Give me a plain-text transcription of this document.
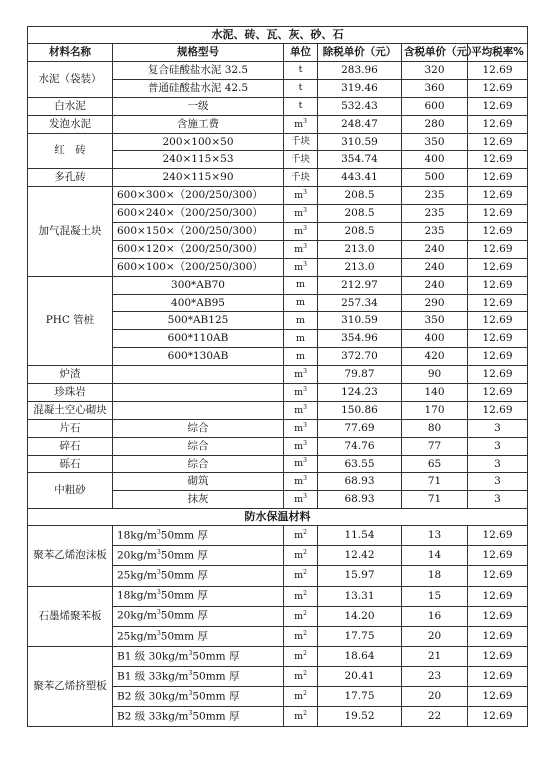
水泥、砖、瓦、灰、砂、石					
材料名称	规格型号	单位	除税单价（元）	含税单价（元）	平均税率%
水泥（袋装）	复合硅酸盐水泥 32.5	t	283.96	320	12.69
	普通硅酸盐水泥 42.5	t	319.46	360	12.69
白水泥	一级	t	532.43	600	12.69
发泡水泥	含施工费	$m^3$	248.47	280	12.69
红　砖	200×100×50	千块	310.59	350	12.69
	240×115×53	千块	354.74	400	12.69
多孔砖	240×115×90	千块	443.41	500	12.69
加气混凝土块	600×300×（200/250/300）	$m^3$	208.5	235	12.69
	600×240×（200/250/300）	$m^3$	208.5	235	12.69
	600×150×（200/250/300）	$m^3$	208.5	235	12.69
	600×120×（200/250/300）	$m^3$	213.0	240	12.69
	600×100×（200/250/300）	$m^3$	213.0	240	12.69
PHC 管桩	300*AB70	m	212.97	240	12.69
	400*AB95	m	257.34	290	12.69
	500*AB125	m	310.59	350	12.69
	600*110AB	m	354.96	400	12.69
	600*130AB	m	372.70	420	12.69
炉渣		$m^3$	79.87	90	12.69
珍珠岩		$m^3$	124.23	140	12.69
混凝土空心砌块		$m^3$	150.86	170	12.69
片石	综合	$m^3$	77.69	80	3
碎石	综合	$m^3$	74.76	77	3
砾石	综合	$m^3$	63.55	65	3
中粗砂	砌筑	$m^3$	68.93	71	3
	抹灰	$m^3$	68.93	71	3
防水保温材料					
聚苯乙烯泡沫板	$18kg/m^350mm$ 厚	$m^2$	11.54	13	12.69
	$20kg/m^350mm$ 厚	$m^2$	12.42	14	12.69
	$25kg/m^350mm$ 厚	$m^2$	15.97	18	12.69
石墨烯聚苯板	$18kg/m^350mm$ 厚	$m^2$	13.31	15	12.69
	$20kg/m^350mm$ 厚	$m^2$	14.20	16	12.69
	$25kg/m^350mm$ 厚	$m^2$	17.75	20	12.69
聚苯乙烯挤塑板	B1 级 $30kg/m^350mm$ 厚	$m^2$	18.64	21	12.69
	B1 级 $33kg/m^350mm$ 厚	$m^2$	20.41	23	12.69
	B2 级 $30kg/m^350mm$ 厚	$m^2$	17.75	20	12.69
	B2 级 $33kg/m^350mm$ 厚	$m^2$	19.52	22	12.69
